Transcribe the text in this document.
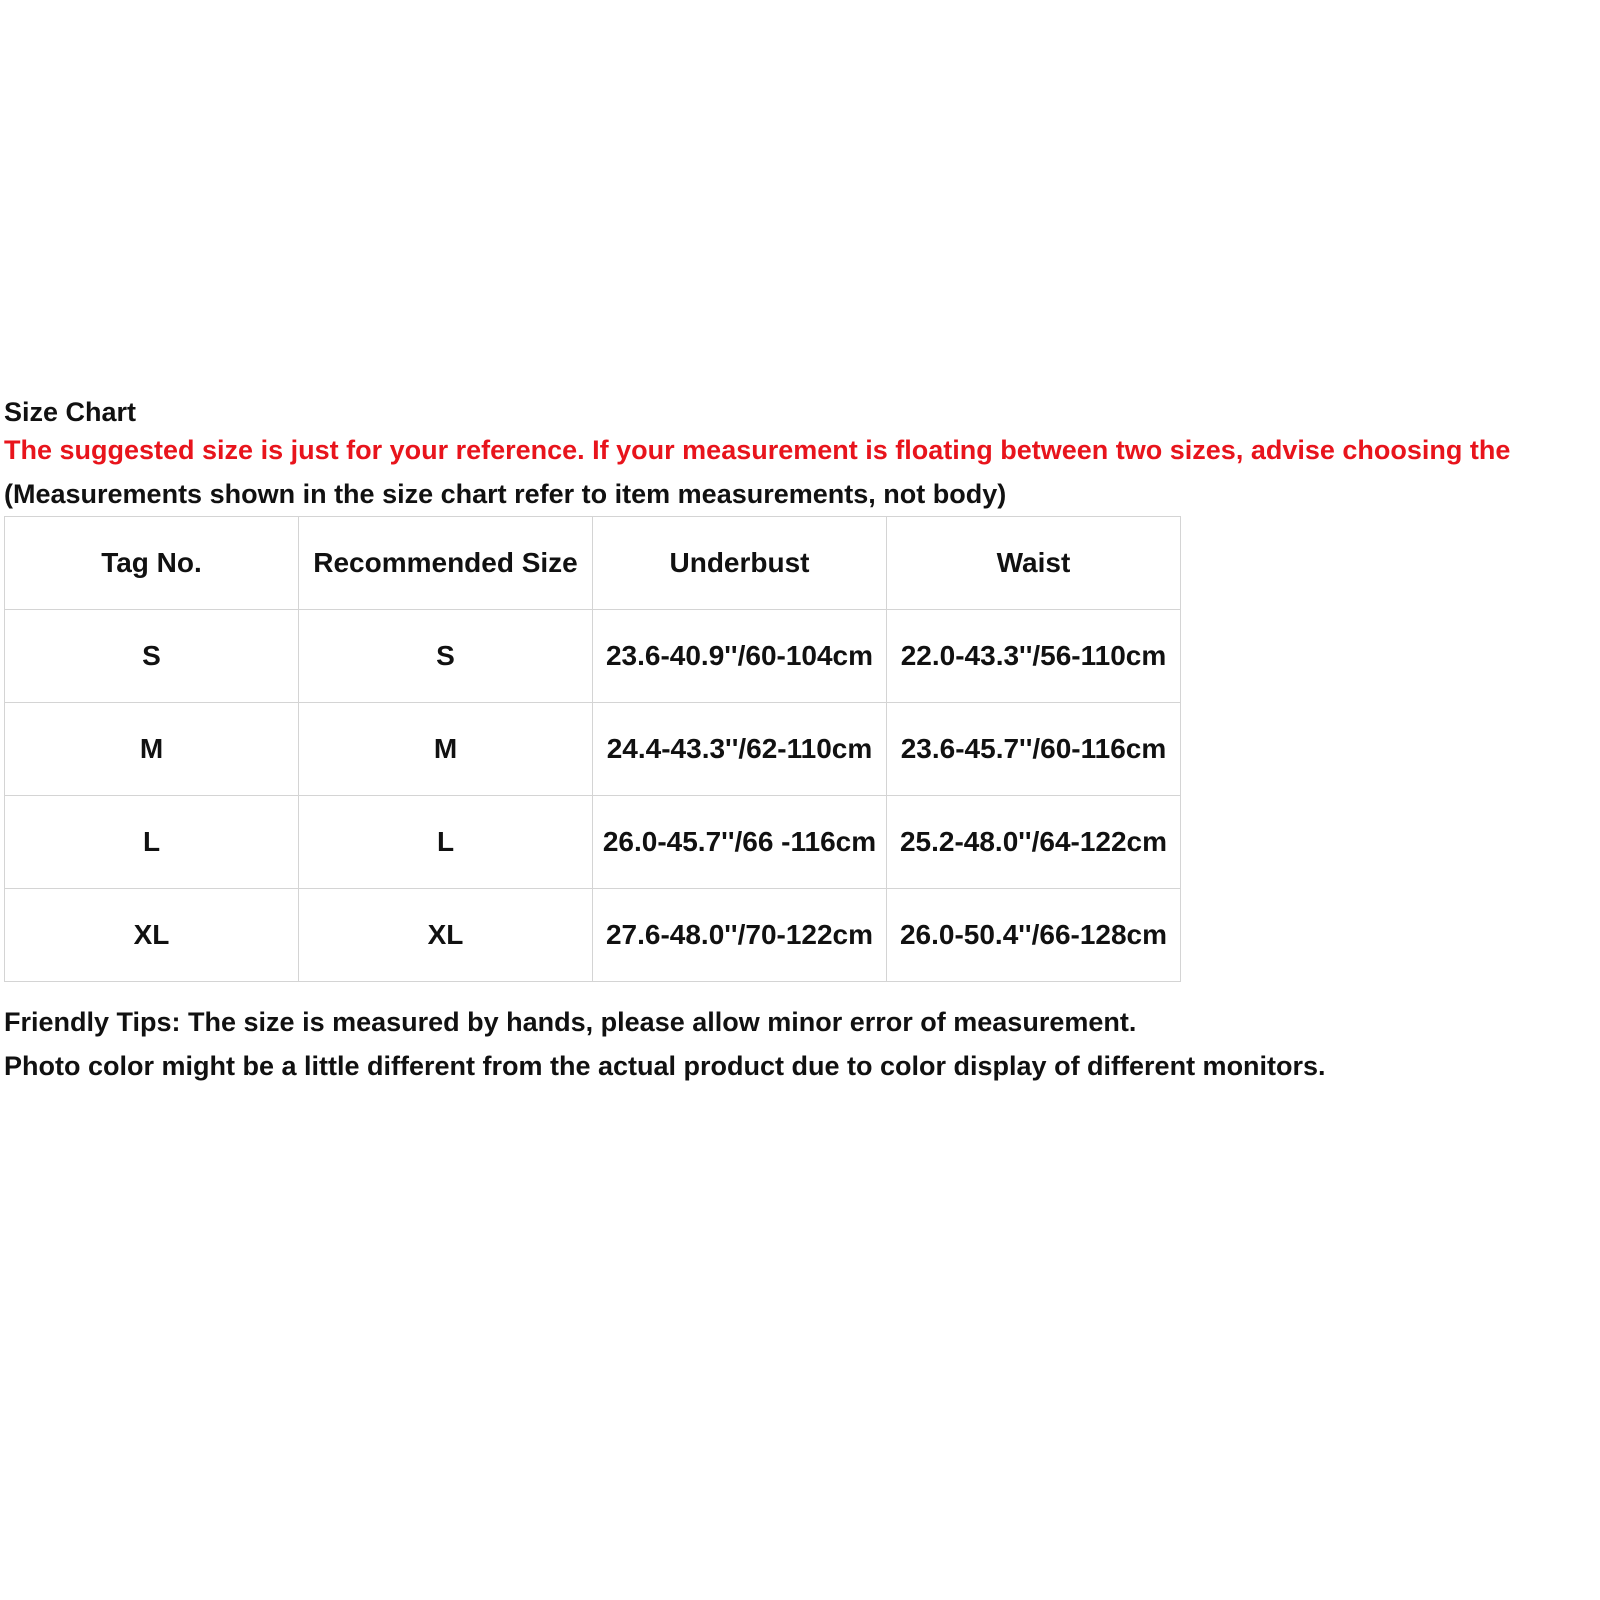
Size Chart
The suggested size is just for your reference. If your measurement is floating between two sizes, advise choosing the
(Measurements shown in the size chart refer to item measurements, not body)
Tag No.	Recommended Size	Underbust	Waist
S	S	23.6-40.9''/60-104cm	22.0-43.3''/56-110cm
M	M	24.4-43.3''/62-110cm	23.6-45.7''/60-116cm
L	L	26.0-45.7''/66 -116cm	25.2-48.0''/64-122cm
XL	XL	27.6-48.0''/70-122cm	26.0-50.4''/66-128cm
Friendly Tips: The size is measured by hands, please allow minor error of measurement.
Photo color might be a little different from the actual product due to color display of different monitors.
